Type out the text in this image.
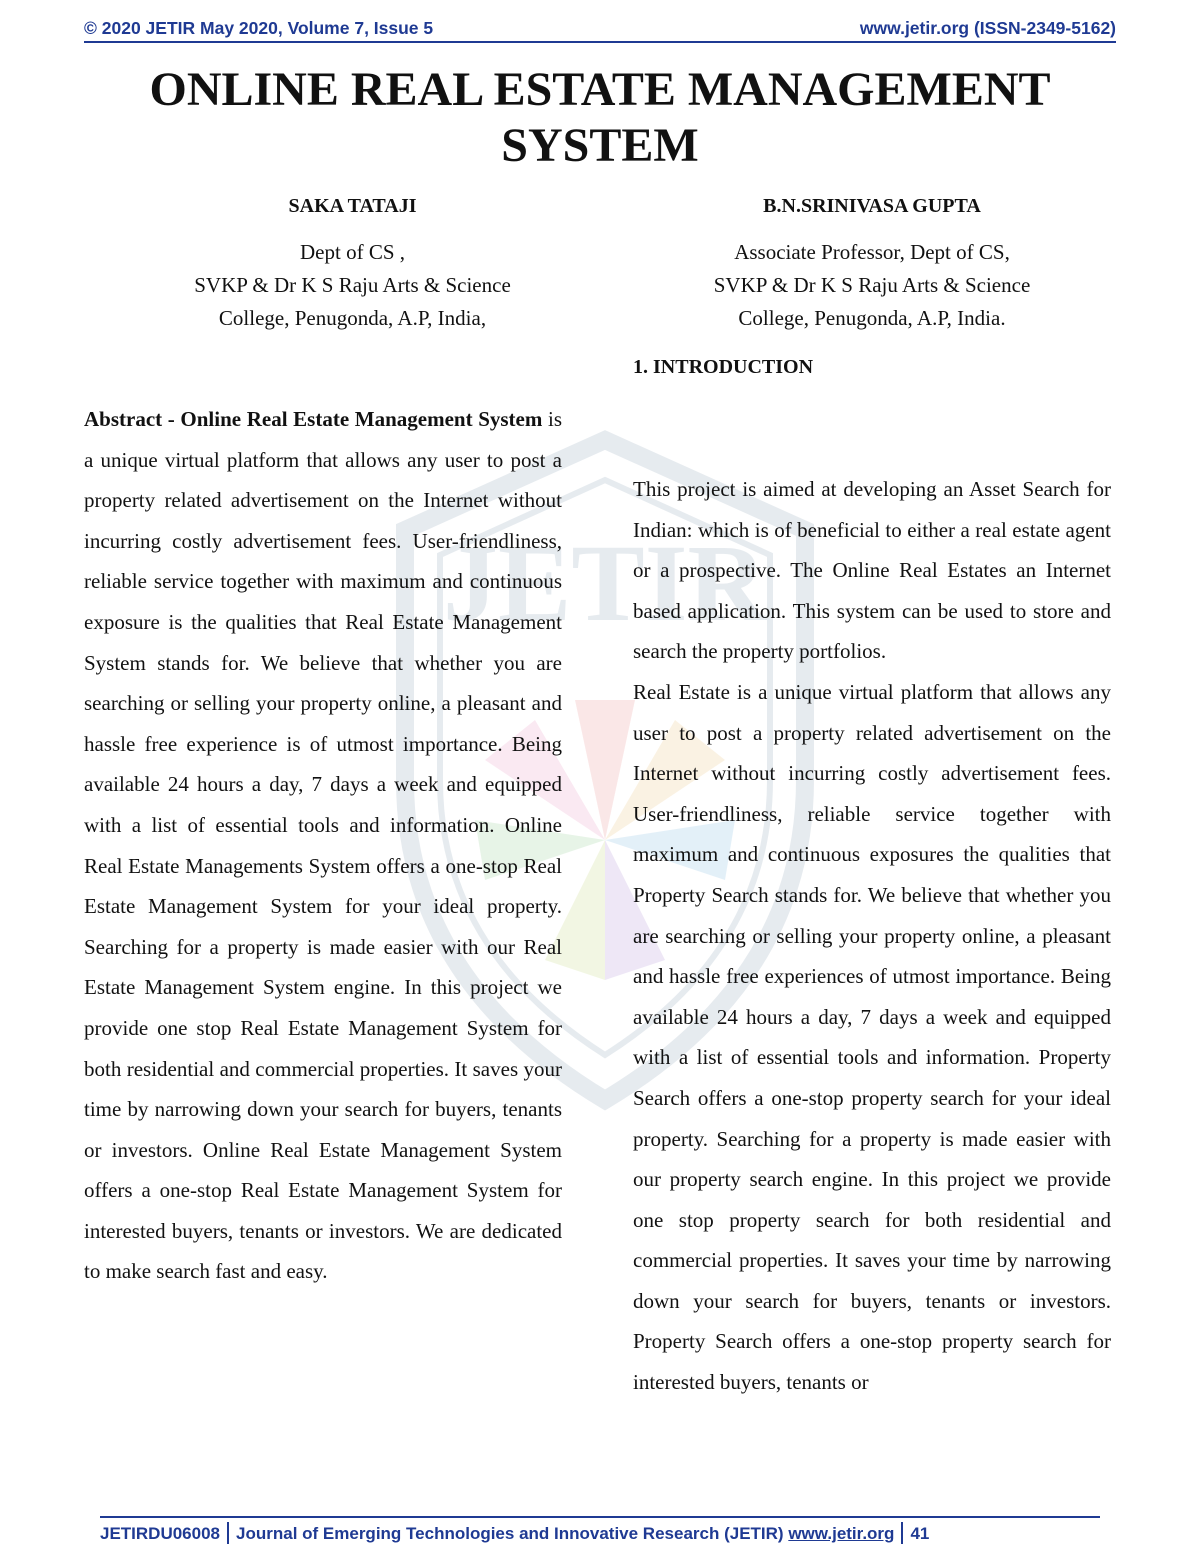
© 2020 JETIR May 2020, Volume 7, Issue 5	www.jetir.org (ISSN-2349-5162)
JETIR
ONLINE REAL ESTATE MANAGEMENT
SYSTEM
SAKA TATAJI
Dept of CS ,
SVKP & Dr K S Raju Arts & Science
College, Penugonda, A.P, India,
B.N.SRINIVASA GUPTA
Associate Professor, Dept of CS,
SVKP & Dr K S Raju Arts & Science
College, Penugonda, A.P, India.
1. INTRODUCTION

Abstract - Online Real Estate Management System is a unique virtual platform that allows any user to post a property related advertisement on the Internet without incurring costly advertisement fees. User-friendliness, reliable service together with maximum and continuous exposure is the qualities that Real Estate Management System stands for. We believe that whether you are searching or selling your property online, a pleasant and hassle free experience is of utmost importance. Being available 24 hours a day, 7 days a week and equipped with a list of essential tools and information. Online Real Estate Managements System offers a one-stop Real Estate Management System for your ideal property. Searching for a property is made easier with our Real Estate Management System engine. In this project we provide one stop Real Estate Management System for both residential and commercial properties. It saves your time by narrowing down your search for buyers, tenants or investors. Online Real Estate Management System offers a one-stop Real Estate Management System for interested buyers, tenants or investors. We are dedicated to make search fast and easy.

This project is aimed at developing an Asset Search for Indian: which is of beneficial to either a real estate agent or a prospective. The Online Real Estates an Internet based application. This system can be used to store and search the property portfolios.

Real Estate is a unique virtual platform that allows any user to post a property related advertisement on the Internet without incurring costly advertisement fees. User-friendliness, reliable service together with maximum and continuous exposures the qualities that Property Search stands for. We believe that whether you are searching or selling your property online, a pleasant and hassle free experiences of utmost importance. Being available 24 hours a day, 7 days a week and equipped with a list of essential tools and information. Property Search offers a one-stop property search for your ideal property. Searching for a property is made easier with our property search engine. In this project we provide one stop property search for both residential and commercial properties. It saves your time by narrowing down your search for buyers, tenants or investors. Property Search offers a one-stop property search for interested buyers, tenants or

JETIRDU06008 Journal of Emerging Technologies and Innovative Research (JETIR) www.jetir.org 41
